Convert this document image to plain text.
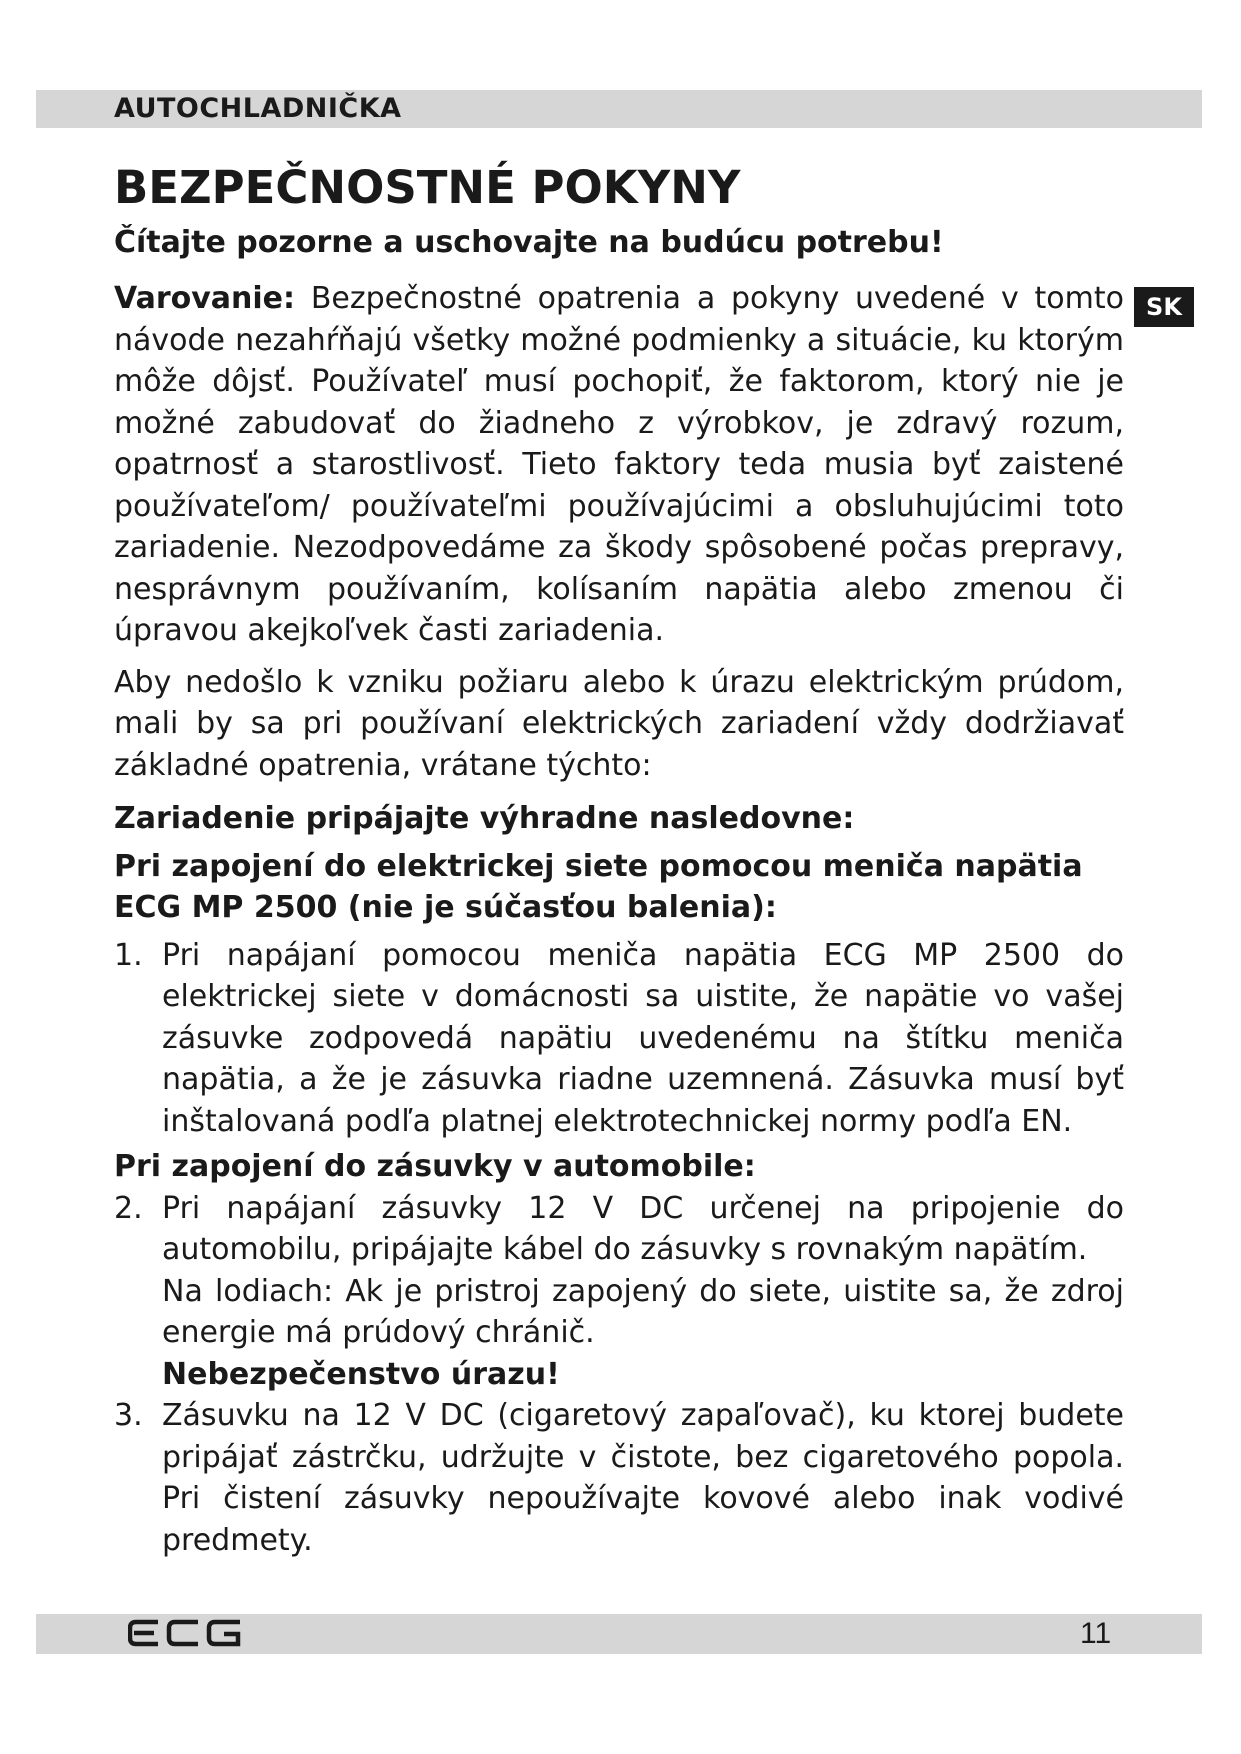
AUTOCHLADNIČKA
SK
BEZPEČNOSTNÉ POKYNY

Čítajte pozorne a uschovajte na budúcu potrebu!

Varovanie: Bezpečnostné opatrenia a pokyny uvedené v tomto návode nezahŕňajú všetky možné podmienky a situácie, ku ktorým môže dôjsť. Používateľ musí pochopiť, že faktorom, ktorý nie je možné zabudovať do žiadneho z výrobkov, je zdravý rozum, opatrnosť a starostlivosť. Tieto faktory teda musia byť zaistené používateľom/ používateľmi používajúcimi a obsluhujúcimi toto zariadenie. Nezodpovedáme za škody spôsobené počas prepravy, nesprávnym používaním, kolísaním napätia alebo zmenou či úpravou akejkoľvek časti zariadenia.

Aby nedošlo k vzniku požiaru alebo k úrazu elektrickým prúdom, mali by sa pri používaní elektrických zariadení vždy dodržiavať základné opatrenia, vrátane týchto:

Zariadenie pripájajte výhradne nasledovne:

Pri zapojení do elektrickej siete pomocou meniča napätia ECG MP 2500 (nie je súčasťou balenia):

1. Pri napájaní pomocou meniča napätia ECG MP 2500 do elektrickej siete v domácnosti sa uistite, že napätie vo vašej zásuvke zodpovedá napätiu uvedenému na štítku meniča napätia, a že je zásuvka riadne uzemnená. Zásuvka musí byť inštalovaná podľa platnej elektrotechnickej normy podľa EN.

Pri zapojení do zásuvky v automobile:

2. Pri napájaní zásuvky 12 V DC určenej na pripojenie do automobilu, pripájajte kábel do zásuvky s rovnakým napätím.
Na lodiach: Ak je pristroj zapojený do siete, uistite sa, že zdroj energie má prúdový chránič.
Nebezpečenstvo úrazu!
3. Zásuvku na 12 V DC (cigaretový zapaľovač), ku ktorej budete pripájať zástrčku, udržujte v čistote, bez cigaretového popola. Pri čistení zásuvky nepoužívajte kovové alebo inak vodivé predmety.
11
